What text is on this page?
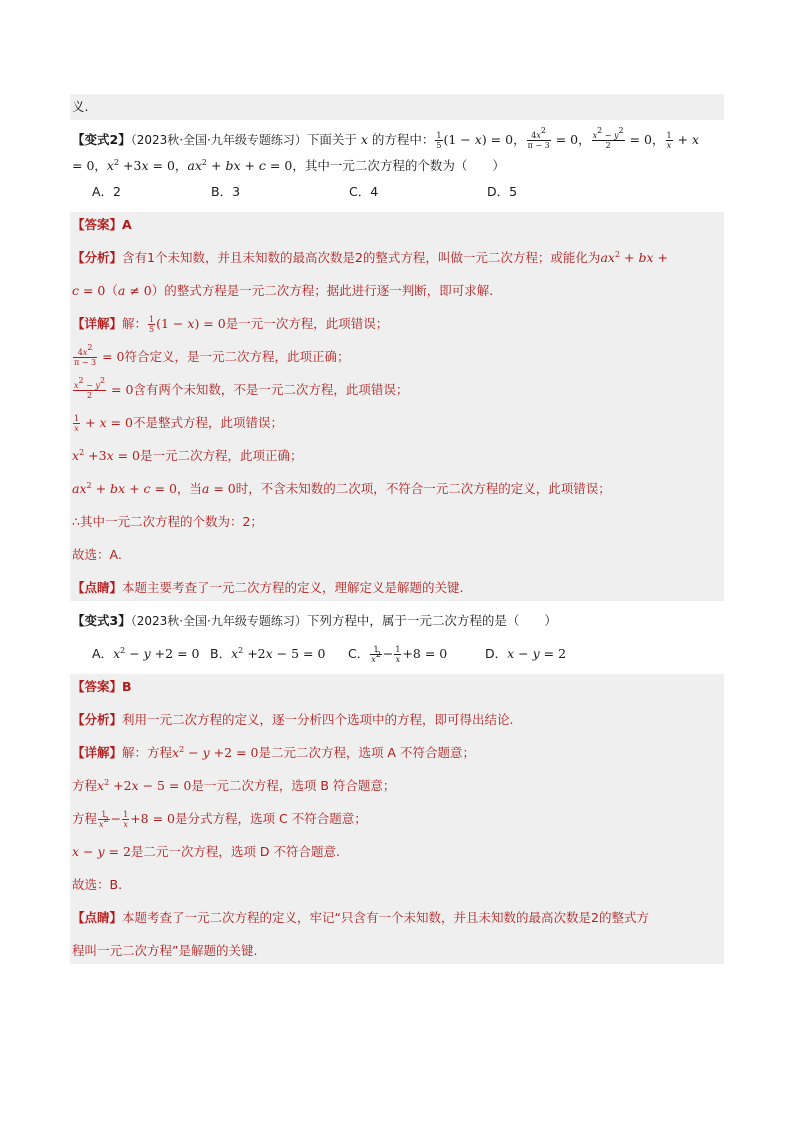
义.
【变式2】（2023秋·全国·九年级专题练习）下面关于 x 的方程中： $\frac{1}{5} (1 - x) = 0$， $\frac{4x^2}{\pi - 3} = 0$， $\frac{x^2 - y^2}{2} = 0$， $\frac{1}{x} + x$
= 0，$x^2 +3x = 0$，$ax^2$ + bx + c = 0，其中一元二次方程的个数为（　　）
A．2	B．3	C．4	D．5
【答案】A
【分析】含有1个未知数，并且未知数的最高次数是2的整式方程，叫做一元二次方程；或能化为$ax^2$ + bx +
c = 0（a ≠ 0）的整式方程是一元二次方程；据此进行逐一判断，即可求解.
【详解】解： $\frac{1}{5} (1 - x) = 0$是一元一次方程，此项错误；
$\frac{4x^2}{\pi - 3} = 0$符合定义，是一元二次方程，此项正确；
$\frac{x^2 - y^2}{2} = 0$含有两个未知数，不是一元二次方程，此项错误；
$\frac{1}{x} + x = 0$不是整式方程，此项错误；
$x^2 +3x = 0$是一元二次方程，此项正确；
$ax^2$ + bx + c = 0，当a = 0时，不含未知数的二次项，不符合一元二次方程的定义，此项错误；
∴其中一元二次方程的个数为：2；
故选：A.
【点睛】本题主要考查了一元二次方程的定义，理解定义是解题的关键.
【变式3】（2023秋·全国·九年级专题练习）下列方程中，属于一元二次方程的是（　　）
A．$x^2 - y +2 = 0$ B．$x^2 +2x - 5 = 0$ C． $\frac{1}{x^2} - \frac{1}{x} +8 = 0$	D．x − y = 2
【答案】B
【分析】利用一元二次方程的定义，逐一分析四个选项中的方程，即可得出结论.
【详解】解：方程$x^2 - y +2 = 0$是二元二次方程，选项 A 不符合题意；
方程$x^2 +2x - 5 = 0$是一元二次方程，选项 B 符合题意；
方程 $\frac{1}{x^2} - \frac{1}{x} +8 = 0$是分式方程，选项 C 不符合题意；
x − y = 2是二元一次方程，选项 D 不符合题意.
故选：B.
【点睛】本题考查了一元二次方程的定义，牢记“只含有一个未知数，并且未知数的最高次数是2的整式方
程叫一元二次方程”是解题的关键.
